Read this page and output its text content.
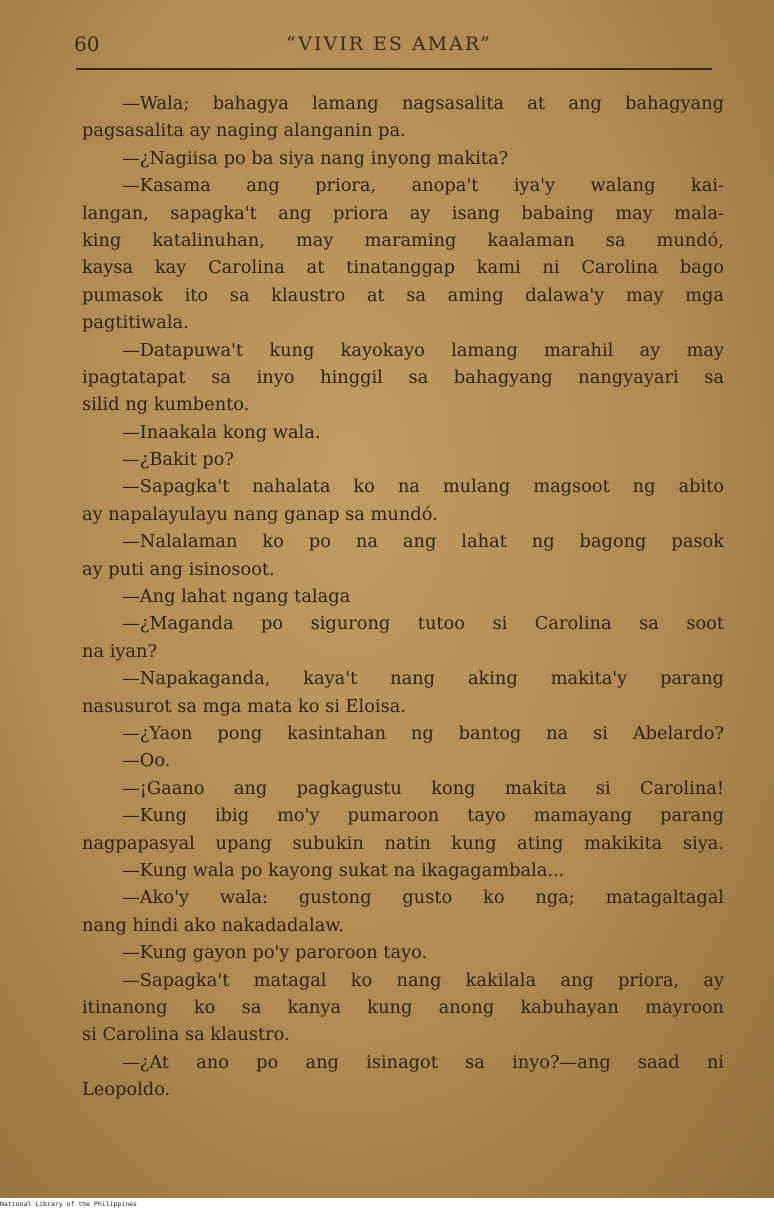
60	“VIVIR ES AMAR”
—Wala; bahagya lamang nagsasalita at ang bahagyang
pagsasalita ay naging alanganin pa.
—¿Nagiisa po ba siya nang inyong makita?
—Kasama ang priora, anopa't iya'y walang kai-
langan, sapagka't ang priora ay isang babaing may mala-
king katalinuhan, may maraming kaalaman sa mundó,
kaysa kay Carolina at tinatanggap kami ni Carolina bago
pumasok ito sa klaustro at sa aming dalawa'y may mga
pagtitiwala.
—Datapuwa't kung kayokayo lamang marahil ay may
ipagtatapat sa inyo hinggil sa bahagyang nangyayari sa
silid ng kumbento.
—Inaakala kong wala.
—¿Bakit po?
—Sapagka't nahalata ko na mulang magsoot ng abito
ay napalayulayu nang ganap sa mundó.
—Nalalaman ko po na ang lahat ng bagong pasok
ay puti ang isinosoot.
—Ang lahat ngang talaga
—¿Maganda po sigurong tutoo si Carolina sa soot
na iyan?
—Napakaganda, kaya't nang aking makita'y parang
nasusurot sa mga mata ko si Eloisa.
—¿Yaon pong kasintahan ng bantog na si Abelardo?
—Oo.
—¡Gaano ang pagkagustu kong makita si Carolina!
—Kung ibig mo'y pumaroon tayo mamayang parang
nagpapasyal upang subukin natin kung ating makikita siya.
—Kung wala po kayong sukat na ikagagambala...
—Ako'y wala: gustong gusto ko nga; matagaltagal
nang hindi ako nakadadalaw.
—Kung gayon po'y paroroon tayo.
—Sapagka't matagal ko nang kakilala ang priora, ay
itinanong ko sa kanya kung anong kabuhayan mayroon
si Carolina sa klaustro.
—¿At ano po ang isinagot sa inyo?—ang saad ni
Leopoldo.
National Library of the Philippines
